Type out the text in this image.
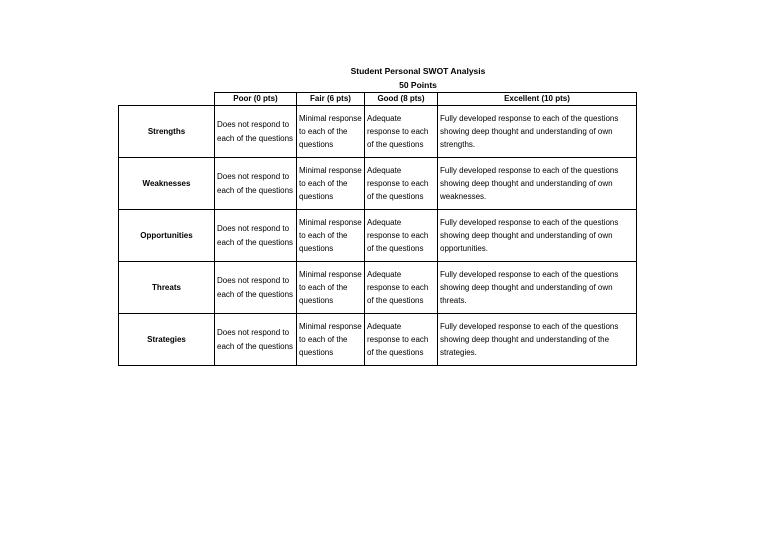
Student Personal SWOT Analysis
50 Points
	Poor (0 pts)	Fair (6 pts)	Good (8 pts)	Excellent (10 pts)
Strengths	Does not respond to each of the questions	Minimal response to each of the questions	Adequate response to each of the questions	Fully developed response to each of the questions showing deep thought and understanding of own strengths.
Weaknesses	Does not respond to each of the questions	Minimal response to each of the questions	Adequate response to each of the questions	Fully developed response to each of the questions showing deep thought and understanding of own weaknesses.
Opportunities	Does not respond to each of the questions	Minimal response to each of the questions	Adequate response to each of the questions	Fully developed response to each of the questions showing deep thought and understanding of own opportunities.
Threats	Does not respond to each of the questions	Minimal response to each of the questions	Adequate response to each of the questions	Fully developed response to each of the questions showing deep thought and understanding of own threats.
Strategies	Does not respond to each of the questions	Minimal response to each of the questions	Adequate response to each of the questions	Fully developed response to each of the questions showing deep thought and understanding of the strategies.
